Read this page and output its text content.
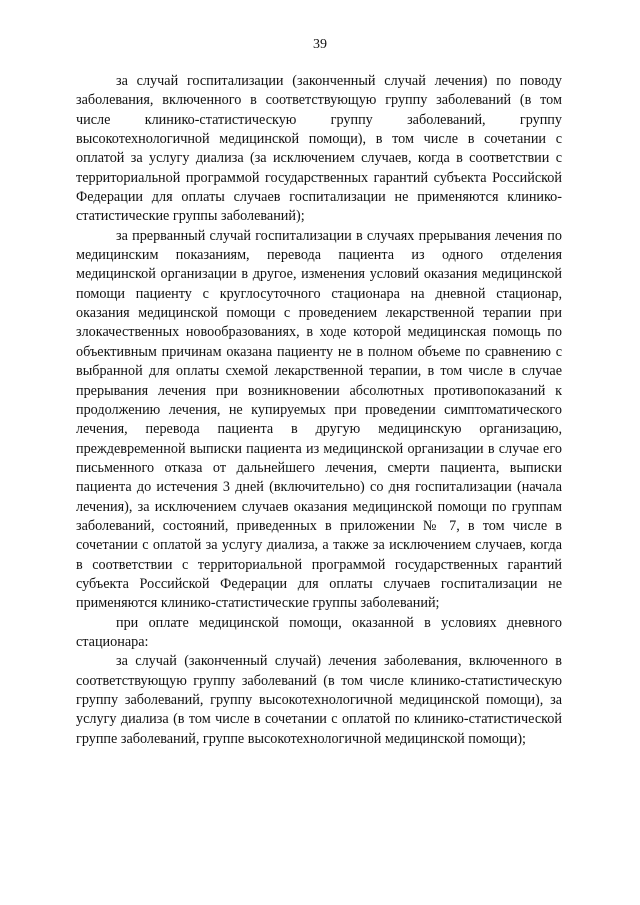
39

за случай госпитализации (законченный случай лечения) по поводу заболевания, включенного в соответствующую группу заболеваний (в том числе клинико-статистическую группу заболеваний, группу высокотехнологичной медицинской помощи), в том числе в сочетании с оплатой за услугу диализа (за исключением случаев, когда в соответствии с территориальной программой государственных гарантий субъекта Российской Федерации для оплаты случаев госпитализации не применяются клинико-статистические группы заболеваний);

за прерванный случай госпитализации в случаях прерывания лечения по медицинским показаниям, перевода пациента из одного отделения медицинской организации в другое, изменения условий оказания медицинской помощи пациенту с круглосуточного стационара на дневной стационар, оказания медицинской помощи с проведением лекарственной терапии при злокачественных новообразованиях, в ходе которой медицинская помощь по объективным причинам оказана пациенту не в полном объеме по сравнению с выбранной для оплаты схемой лекарственной терапии, в том числе в случае прерывания лечения при возникновении абсолютных противопоказаний к продолжению лечения, не купируемых при проведении симптоматического лечения, перевода пациента в другую медицинскую организацию, преждевременной выписки пациента из медицинской организации в случае его письменного отказа от дальнейшего лечения, смерти пациента, выписки пациента до истечения 3 дней (включительно) со дня госпитализации (начала лечения), за исключением случаев оказания медицинской помощи по группам заболеваний, состояний, приведенных в приложении № 7, в том числе в сочетании с оплатой за услугу диализа, а также за исключением случаев, когда в соответствии с территориальной программой государственных гарантий субъекта Российской Федерации для оплаты случаев госпитализации не применяются клинико-статистические группы заболеваний;

при оплате медицинской помощи, оказанной в условиях дневного стационара:

за случай (законченный случай) лечения заболевания, включенного в соответствующую группу заболеваний (в том числе клинико-статистическую группу заболеваний, группу высокотехнологичной медицинской помощи), за услугу диализа (в том числе в сочетании с оплатой по клинико-статистической группе заболеваний, группе высокотехнологичной медицинской помощи);
